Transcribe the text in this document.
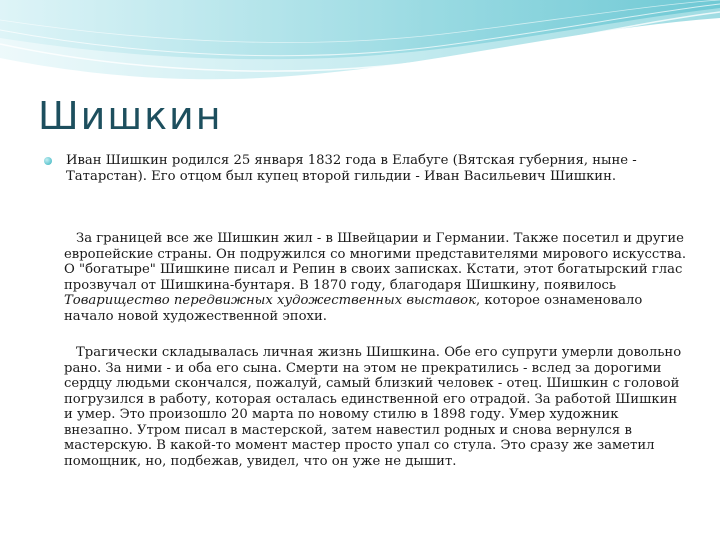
Шишкин
Иван Шишкин родился 25 января 1832 года в Елабуге (Вятская губерния, ныне - Татарстан). Его отцом был купец второй гильдии - Иван Васильевич Шишкин.

За границей все же Шишкин жил - в Швейцарии и Германии. Также посетил и другие европейские страны. Он подружился со многими представителями мирового искусства. О "богатыре" Шишкине писал и Репин в своих записках. Кстати, этот богатырский глас прозвучал от Шишкина-бунтаря. В 1870 году, благодаря Шишкину, появилось Товарищество передвижных художественных выставок, которое ознаменовало начало новой художественной эпохи.

Трагически складывалась личная жизнь Шишкина. Обе его супруги умерли довольно рано. За ними - и оба его сына. Смерти на этом не прекратились - вслед за дорогими сердцу людьми скончался, пожалуй, самый близкий человек - отец. Шишкин с головой погрузился в работу, которая осталась единственной его отрадой. За работой Шишкин и умер. Это произошло 20 марта по новому стилю в 1898 году. Умер художник внезапно. Утром писал в мастерской, затем навестил родных и снова вернулся в мастерскую. В какой-то момент мастер просто упал со стула. Это сразу же заметил помощник, но, подбежав, увидел, что он уже не дышит.
